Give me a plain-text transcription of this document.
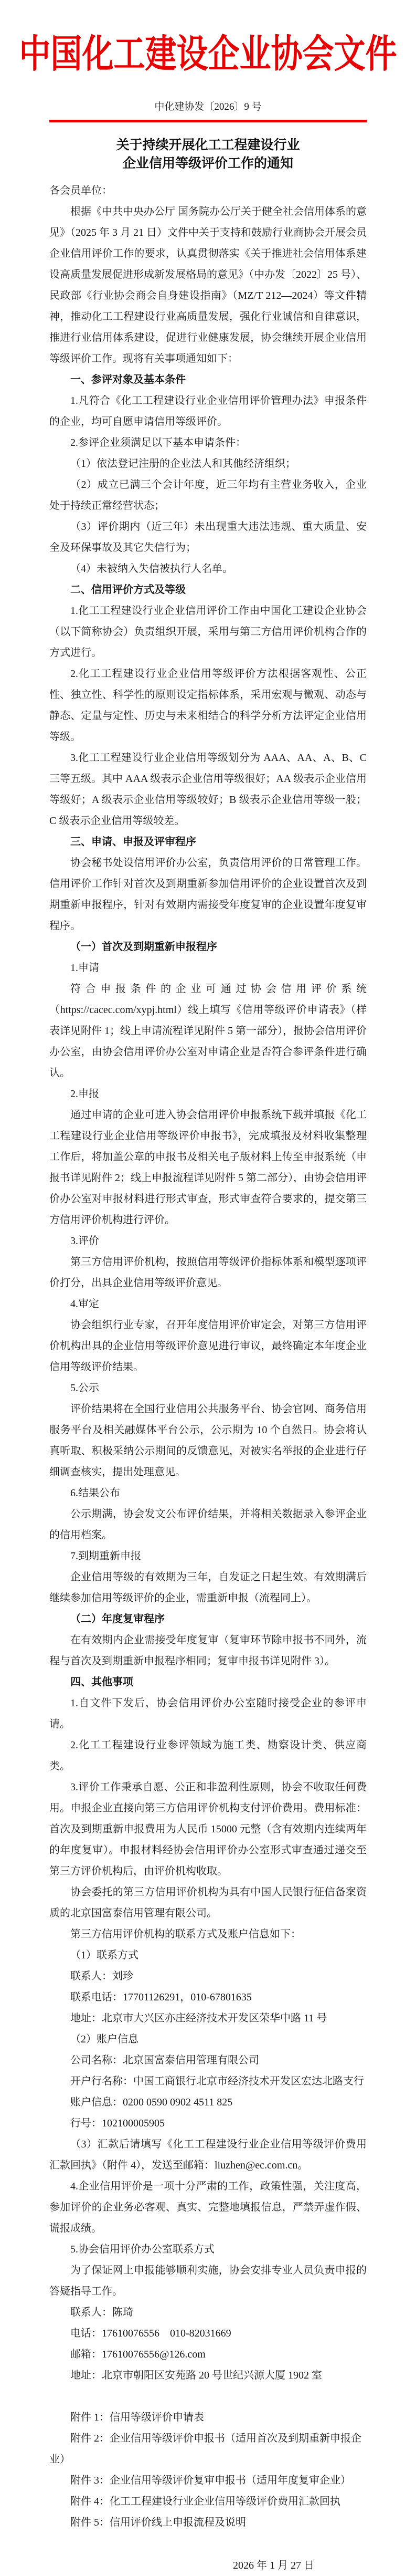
中国化工建设企业协会文件
中化建协发〔2026〕9 号
关于持续开展化工工程建设行业
企业信用等级评价工作的通知
各会员单位：
根据《中共中央办公厅 国务院办公厅关于健全社会信用体系的意见》（2025 年 3 月 21 日）文件中关于支持和鼓励行业商协会开展会员企业信用评价工作的要求，认真贯彻落实《关于推进社会信用体系建设高质量发展促进形成新发展格局的意见》（中办发〔2022〕25 号）、民政部《行业协会商会自身建设指南》（MZ/T 212—2024）等文件精神，推动化工工程建设行业高质量发展，强化行业诚信和自律意识，推进行业信用体系建设，促进行业健康发展，协会继续开展企业信用等级评价工作。现将有关事项通知如下：
一、参评对象及基本条件
1.凡符合《化工工程建设行业企业信用评价管理办法》申报条件的企业，均可自愿申请信用等级评价。
2.参评企业须满足以下基本申请条件：
（1）依法登记注册的企业法人和其他经济组织；
（2）成立已满三个会计年度，近三年均有主营业务收入，企业处于持续正常经营状态；
（3）评价期内（近三年）未出现重大违法违规、重大质量、安全及环保事故及其它失信行为；
（4）未被纳入失信被执行人名单。
二、信用评价方式及等级
1.化工工程建设行业企业信用评价工作由中国化工建设企业协会（以下简称协会）负责组织开展，采用与第三方信用评价机构合作的方式进行。
2.化工工程建设行业企业信用等级评价方法根据客观性、公正性、独立性、科学性的原则设定指标体系，采用宏观与微观、动态与静态、定量与定性、历史与未来相结合的科学分析方法评定企业信用等级。
3.化工工程建设行业企业信用等级划分为 AAA、AA、A、B、C 三等五级。其中 AAA 级表示企业信用等级很好；AA 级表示企业信用等级好；A 级表示企业信用等级较好；B 级表示企业信用等级一般；C 级表示企业信用等级较差。
三、申请、申报及评审程序
协会秘书处设信用评价办公室，负责信用评价的日常管理工作。信用评价工作针对首次及到期重新参加信用评价的企业设置首次及到期重新申报程序，针对有效期内需接受年度复审的企业设置年度复审程序。
（一）首次及到期重新申报程序
1.申请
符合申报条件的企业可通过协会信用评价系统（https://cacec.com/xypj.html）线上填写《信用等级评价申请表》（样表详见附件 1；线上申请流程详见附件 5 第一部分），报协会信用评价办公室，由协会信用评价办公室对申请企业是否符合参评条件进行确认。
2.申报
通过申请的企业可进入协会信用评价申报系统下载并填报《化工工程建设行业企业信用等级评价申报书》，完成填报及材料收集整理工作后，将加盖公章的申报书及相关电子版材料上传至申报系统（申报书详见附件 2；线上申报流程详见附件 5 第二部分），由协会信用评价办公室对申报材料进行形式审查，形式审查符合要求的，提交第三方信用评价机构进行评价。
3.评价
第三方信用评价机构，按照信用等级评价指标体系和模型逐项评价打分，出具企业信用等级评价意见。
4.审定
协会组织行业专家，召开年度信用评价审定会，对第三方信用评价机构出具的企业信用等级评价意见进行审议，最终确定本年度企业信用等级评价结果。
5.公示
评价结果将在全国行业信用公共服务平台、协会官网、商务信用服务平台及相关融媒体平台公示，公示期为 10 个自然日。协会将认真听取、积极采纳公示期间的反馈意见，对被实名举报的企业进行仔细调查核实，提出处理意见。
6.结果公布
公示期满，协会发文公布评价结果，并将相关数据录入参评企业的信用档案。
7.到期重新申报
企业信用等级的有效期为三年，自发证之日起生效。有效期满后继续参加信用等级评价的企业，需重新申报（流程同上）。
（二）年度复审程序
在有效期内企业需接受年度复审（复审环节除申报书不同外，流程与首次及到期重新申报程序相同；复审申报书详见附件 3）。
四、其他事项
1.自文件下发后，协会信用评价办公室随时接受企业的参评申请。
2.化工工程建设行业参评领域为施工类、勘察设计类、供应商类。
3.评价工作秉承自愿、公正和非盈利性原则，协会不收取任何费用。申报企业直接向第三方信用评价机构支付评价费用。费用标准：首次及到期重新申报费用为人民币 15000 元整（含有效期内连续两年的年度复审）。申报材料经协会信用评价办公室形式审查通过递交至第三方评价机构后，由评价机构收取。
协会委托的第三方信用评价机构为具有中国人民银行征信备案资质的北京国富泰信用管理有限公司。
第三方信用评价机构的联系方式及账户信息如下：
（1）联系方式
联系人：刘珍
联系电话：17701126291，010-67801635
地址：北京市大兴区亦庄经济技术开发区荣华中路 11 号
（2）账户信息
公司名称：北京国富泰信用管理有限公司
开户行名称：中国工商银行北京市经济技术开发区宏达北路支行
账户信息：0200 0590 0902 4511 825
行号：102100005905
（3）汇款后请填写《化工工程建设行业企业信用等级评价费用汇款回执》（附件 4），发送至邮箱：liuzhen@ec.com.cn。
4.企业信用评价是一项十分严肃的工作，政策性强，关注度高，参加评价的企业务必客观、真实、完整地填报信息，严禁弄虚作假、谎报成绩。
5.协会信用评价办公室联系方式
为了保证网上申报能够顺利实施，协会安排专业人员负责申报的答疑指导工作。
联系人：陈琦
电话：17610076556　010-82031669
邮箱：17610076556@126.com
地址：北京市朝阳区安苑路 20 号世纪兴源大厦 1902 室
附件 1：信用等级评价申请表
附件 2：企业信用等级评价申报书（适用首次及到期重新申报企业）
附件 3：企业信用等级评价复审申报书（适用年度复审企业）
附件 4：化工工程建设行业企业信用等级评价费用汇款回执
附件 5：信用评价线上申报流程及说明
2026 年 1 月 27 日
